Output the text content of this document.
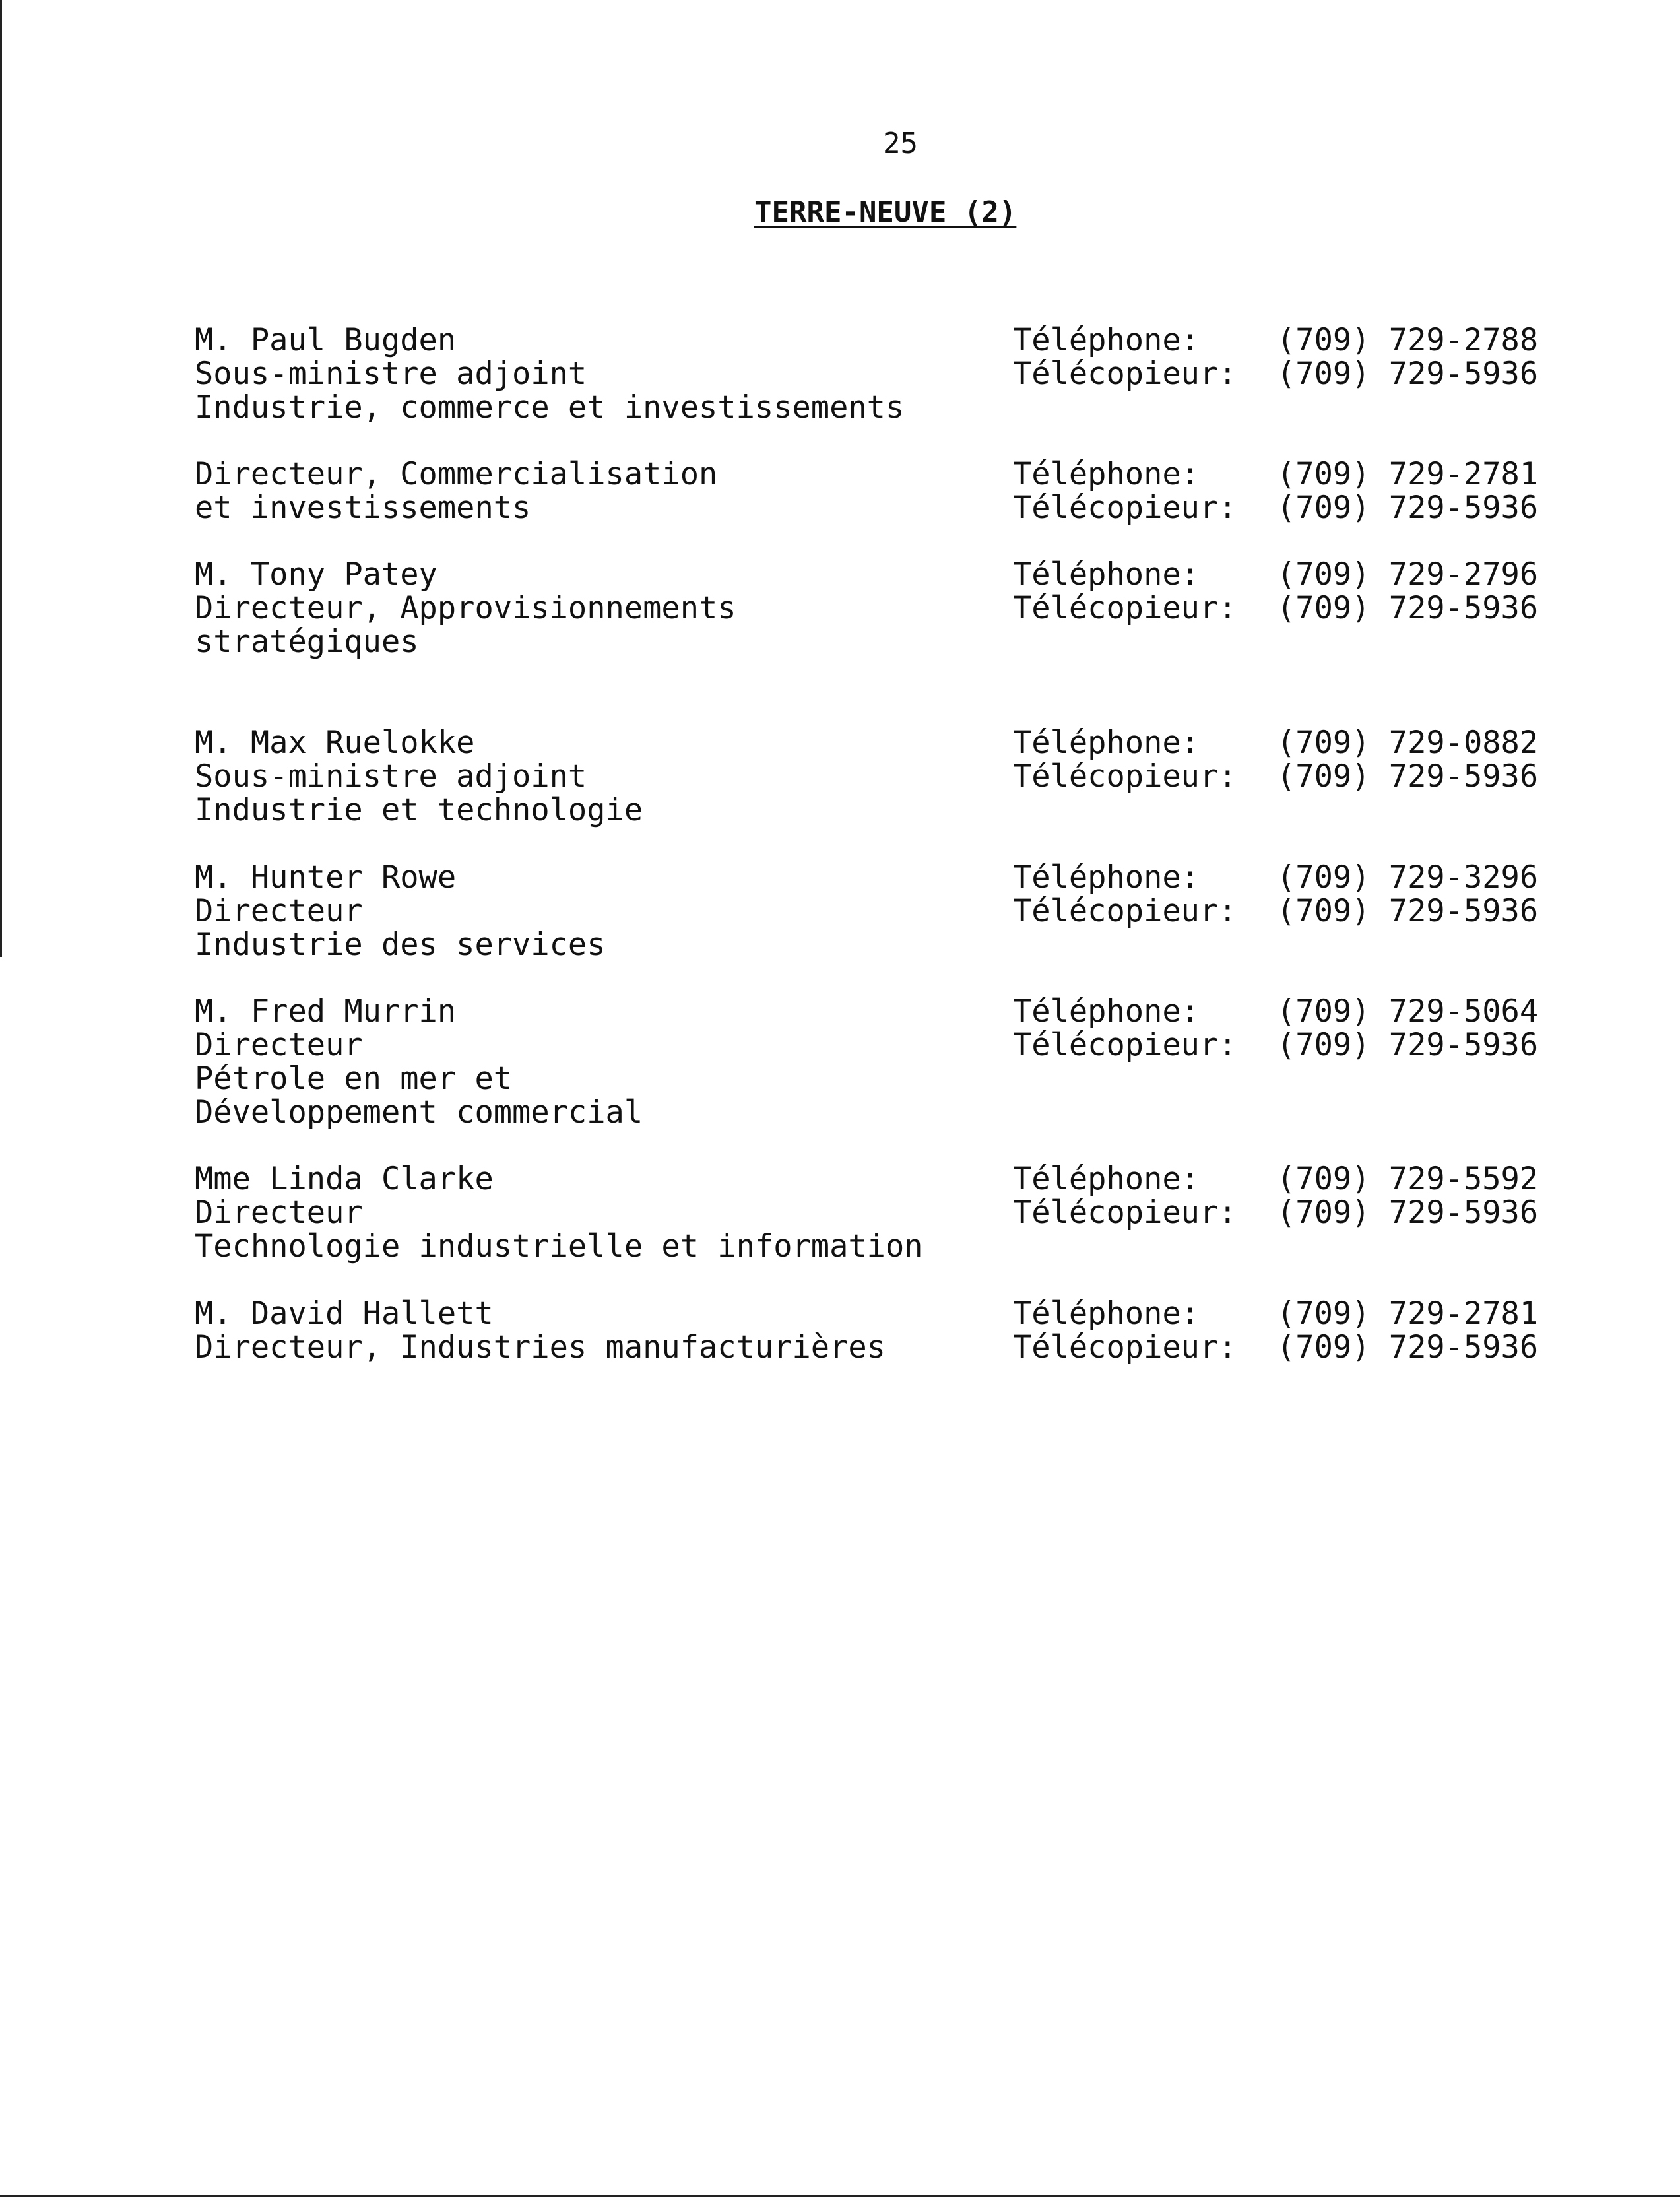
25
TERRE-NEUVE (2)
M. Paul Bugden
Sous-ministre adjoint
Industrie, commerce et investissements
Téléphone: (709) 729-2788
Télécopieur: (709) 729-5936
Directeur, Commercialisation
et investissements
Téléphone: (709) 729-2781
Télécopieur: (709) 729-5936
M. Tony Patey
Directeur, Approvisionnements
stratégiques
Téléphone: (709) 729-2796
Télécopieur: (709) 729-5936
M. Max Ruelokke
Sous-ministre adjoint
Industrie et technologie
Téléphone: (709) 729-0882
Télécopieur: (709) 729-5936
M. Hunter Rowe
Directeur
Industrie des services
Téléphone: (709) 729-3296
Télécopieur: (709) 729-5936
M. Fred Murrin
Directeur
Pétrole en mer et
Développement commercial
Téléphone: (709) 729-5064
Télécopieur: (709) 729-5936
Mme Linda Clarke
Directeur
Technologie industrielle et information
Téléphone: (709) 729-5592
Télécopieur: (709) 729-5936
M. David Hallett
Directeur, Industries manufacturières
Téléphone: (709) 729-2781
Télécopieur: (709) 729-5936
